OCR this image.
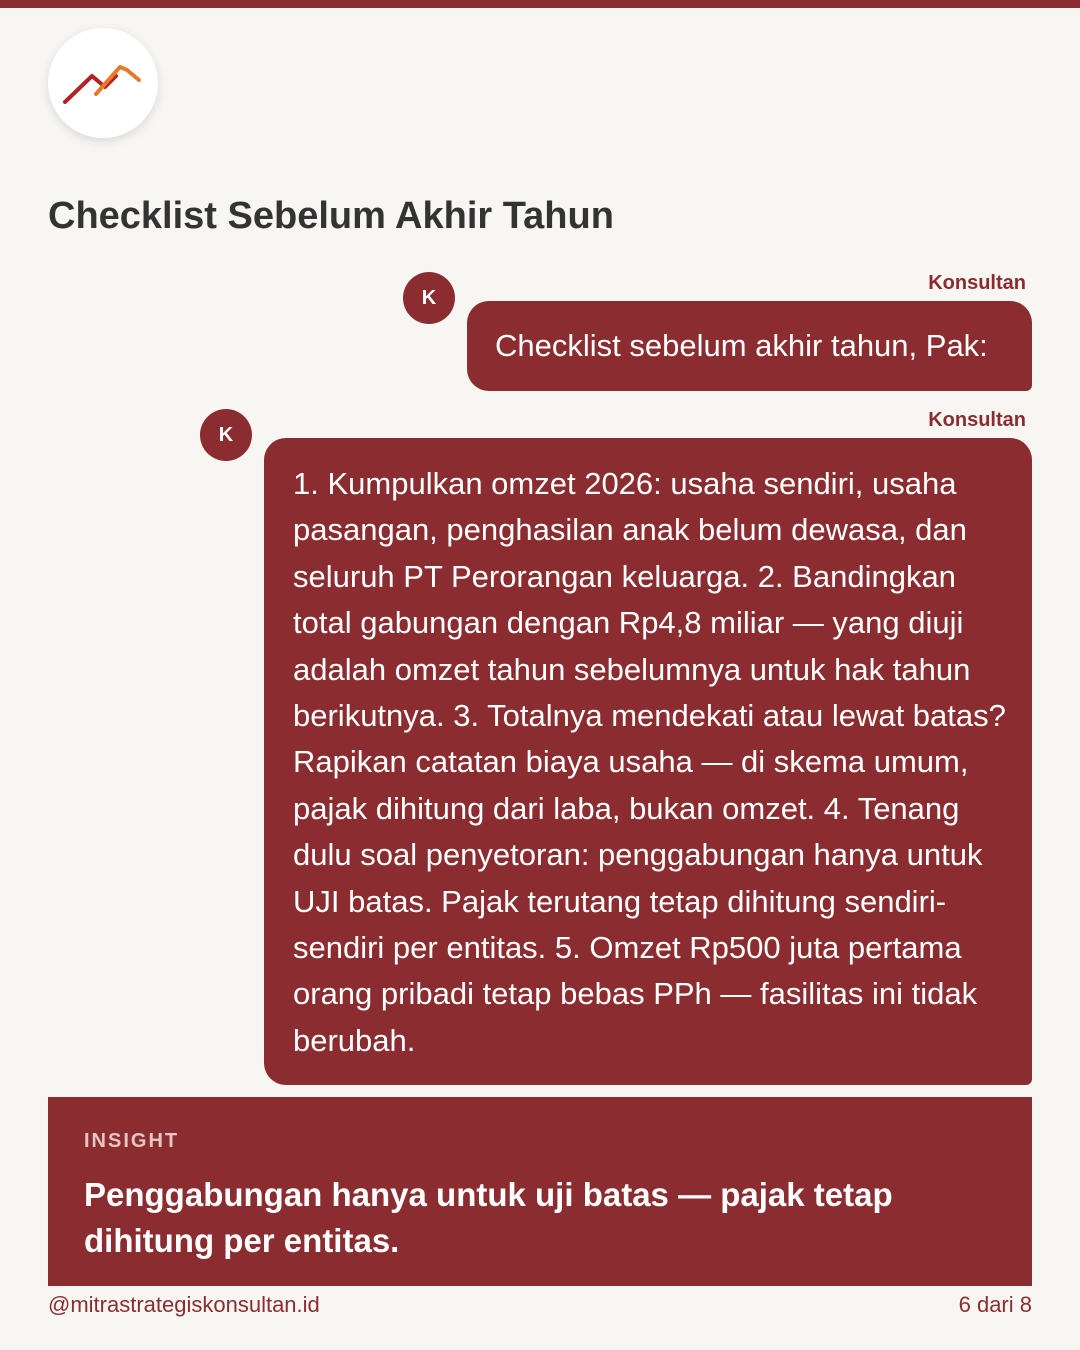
Checklist Sebelum Akhir Tahun
K
Konsultan
Checklist sebelum akhir tahun, Pak:
K
Konsultan
1. Kumpulkan omzet 2026: usaha sendiri, usaha pasangan, penghasilan anak belum dewasa, dan seluruh PT Perorangan keluarga. 2. Bandingkan total gabungan dengan Rp4,8 miliar — yang diuji adalah omzet tahun sebelumnya untuk hak tahun berikutnya. 3. Totalnya mendekati atau lewat batas? Rapikan catatan biaya usaha — di skema umum, pajak dihitung dari laba, bukan omzet. 4. Tenang dulu soal penyetoran: penggabungan hanya untuk UJI batas. Pajak terutang tetap dihitung sendiri-sendiri per entitas. 5. Omzet Rp500 juta pertama orang pribadi tetap bebas PPh — fasilitas ini tidak berubah.
INSIGHT
Penggabungan hanya untuk uji batas — pajak tetap dihitung per entitas.
@mitrastrategiskonsultan.id	6 dari 8
